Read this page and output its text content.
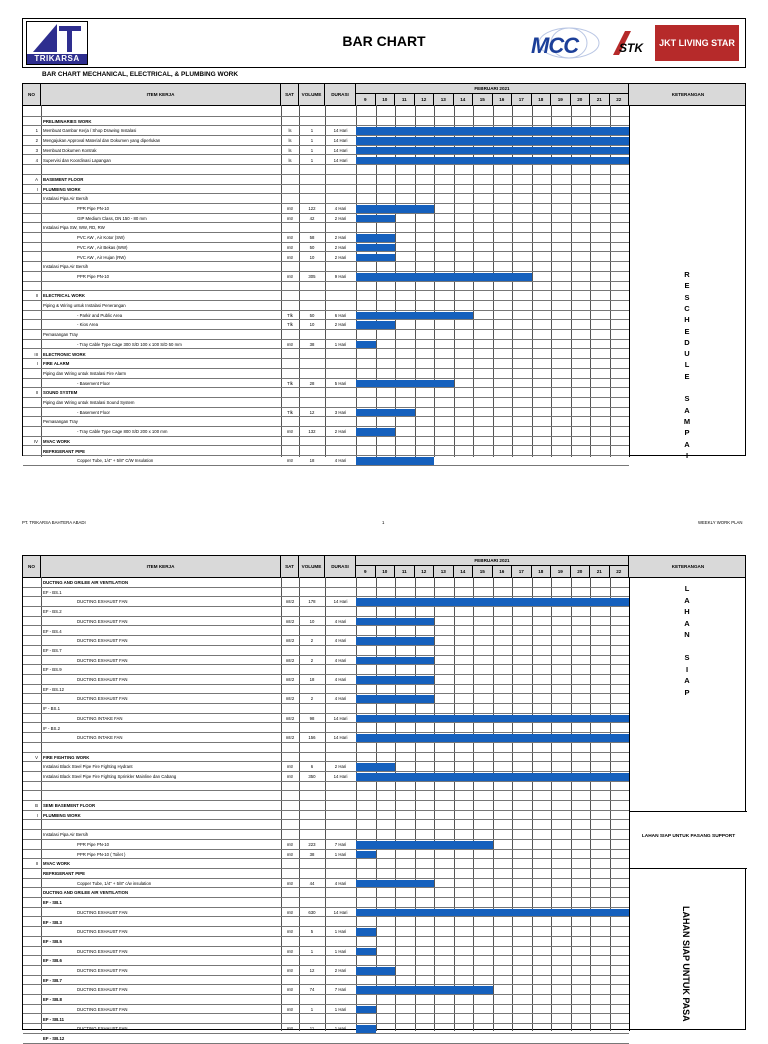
TRIKARSA
BAR CHART	MCC	STK	JKT LIVING STAR
BAR CHART MECHANICAL, ELECTRICAL, & PLUMBING WORK
NO	ITEM KERJA	SAT	VOLUME	DURASI
FEBRUARI 2021
9	10	11	12	13	14	15	16	17	18	19	20	21	22
KETERANGAN
PRELIMINARIES WORK
1 Membuat Gambar Kerja / Shop Drawing Instalasi	ls	1	14 Hari
2 Mengajukan Approval Material dan Dokumen yang diperlukan	ls	1	14 Hari
3 Membuat Dokumen Kontrak	ls	1	14 Hari
4 Supervisi dan Koordinasi Lapangan	ls	1	14 Hari
A BASEMENT FLOOR
I PLUMBING WORK
Instalasi Pipa Air Bersih
PPR Pipe PN-10	mtr	122	4 Hari
GIP Medium Class, DN 150 - 80 mm	mtr	42	2 Hari
Instalasi Pipa SW, WW, RD, RW
PVC AW , Air Kotor (SW)	mtr	58	2 Hari
PVC AW , Air Bekas (WW)	mtr	50	2 Hari
PVC AW , Air Hujan (RW)	mtr	10	2 Hari
Instalasi Pipa Air Bersih
PPR Pipe PN-10	mtr	305	9 Hari
II ELECTRICAL WORK
Piping & Wiring untuk Instalasi Penerangan
- Parkir and Public Area	Tlk	50	6 Hari
- Kios Area	Tlk	10	2 Hari
Pemasangan Tray
- Tray Cable Type Cage 300 S/D 100 x 100 S/D 50 mm	mtr	38	1 Hari
III ELECTRONIC WORK
I FIRE ALARM
Piping dan Wiring untuk Instalasi Fire Alarm
- Basement Floor	Tlk	28	5 Hari
II SOUND SYSTEM
Piping dan Wiring untuk Instalasi Sound System
- Basement Floor	Tlk	12	3 Hari
Pemasangan Tray
- Tray Cable Type Cage 800 S/D 200 x 100 mm	mtr	132	2 Hari
IV MVAC WORK
REFRIGERANT PIPE
Copper Tube, 1/4" + 5/8" C/W Insulation	mtr	18	4 Hari
R
E
S
C
H
E
D
U
L
E
S
A
M
P
A
I
PT. TRIKARSA BAHTERA ABADI	1	WEEKLY WORK PLAN
NO	ITEM KERJA	SAT	VOLUME	DURASI
FEBRUARI 2021
9	10	11	12	13	14	15	16	17	18	19	20	21	22
KETERANGAN
DUCTING AND GRILEE AIR VENTILATION
EF - BS.1
DUCTING EXHAUST FAN	mtr2	178	14 Hari
EF - BS.2
DUCTING EXHAUST FAN	mtr2	10	4 Hari
EF - BS.4
DUCTING EXHAUST FAN	mtr2	2	4 Hari
EF - BS.7
DUCTING EXHAUST FAN	mtr2	2	4 Hari
EF - BS.9
DUCTING EXHAUST FAN	mtr2	18	4 Hari
EF - BS.12
DUCTING EXHAUST FAN	mtr2	2	4 Hari
IF - BS.1
DUCTING INTAKE FAN	mtr2	98	14 Hari
IF - BS.2
DUCTING INTAKE FAN	mtr2	156	14 Hari
V FIRE FIGHTING WORK
Instalasi Black Steel Pipe Fire Fighting Hydrant	mtr	6	2 Hari
Instalasi Black Steel Pipe Fire Fighting Sprinkler Mainline dan Cabang	mtr	350	14 Hari
B SEMI BASEMENT FLOOR
I PLUMBING WORK
Instalasi Pipa Air Bersih
PPR Pipe PN-10	mtr	223	7 Hari
PPR Pipe PN-10 ( Toilet )	mtr	38	1 Hari
II MVAC WORK
REFRIGERANT PIPE
Copper Tube, 1/4" + 5/8" c/w insulation	mtr	44	4 Hari
DUCTING AND GRILEE AIR VENTILATION
EF - SB.1
DUCTING EXHAUST FAN	mtr	630	14 Hari
EF - SB.3
DUCTING EXHAUST FAN	mtr	5	1 Hari
EF - SB.5
DUCTING EXHAUST FAN	mtr	1	1 Hari
EF - SB.6
DUCTING EXHAUST FAN	mtr	12	2 Hari
EF - SB.7
DUCTING EXHAUST FAN	mtr	74	7 Hari
EF - SB.8
DUCTING EXHAUST FAN	mtr	1	1 Hari
EF - SB.11
DUCTING EXHAUST FAN	mtr	11	1 Hari
EF - SB.12
L
A
H
A
N
S
I
A
P
LAHAN SIAP UNTUK PASANG SUPPORT
LAHAN SIAP UNTUK PASA
